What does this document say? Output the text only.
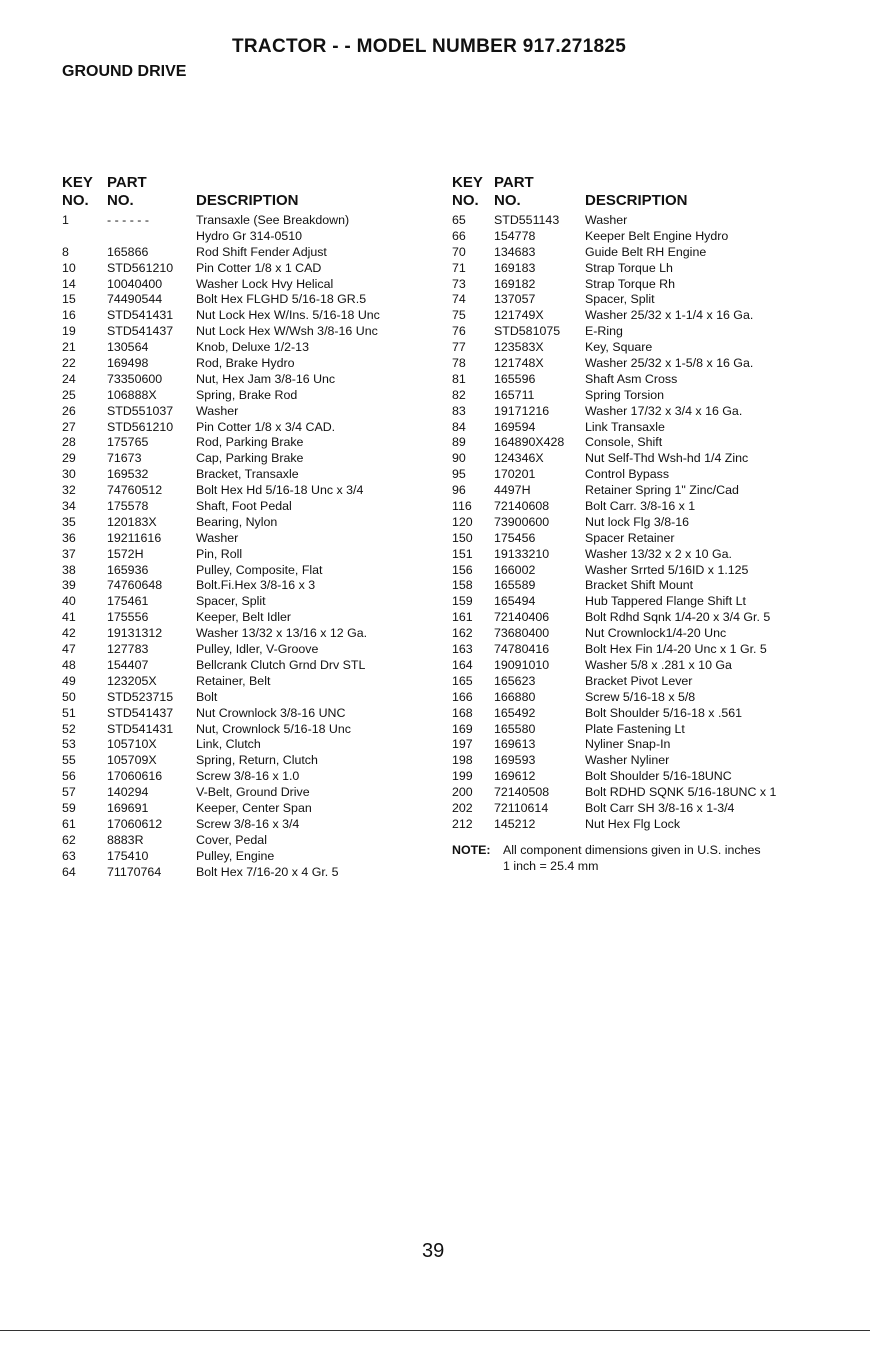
TRACTOR - - MODEL NUMBER 917.271825
GROUND DRIVE
KEY
NO.
PART
NO.	DESCRIPTION
1	- - - - - -	Transaxle (See Breakdown)
Hydro Gr 314-0510
8	165866	Rod Shift Fender Adjust
10	STD561210 Pin Cotter 1/8 x 1 CAD
14	10040400	Washer Lock Hvy Helical
15	74490544	Bolt Hex FLGHD 5/16-18 GR.5
16	STD541431 Nut Lock Hex W/Ins. 5/16-18 Unc
19	STD541437 Nut Lock Hex W/Wsh 3/8-16 Unc
21	130564	Knob, Deluxe 1/2-13
22	169498	Rod, Brake Hydro
24	73350600	Nut, Hex Jam 3/8-16 Unc
25	106888X	Spring, Brake Rod
26	STD551037 Washer
27	STD561210 Pin Cotter 1/8 x 3/4 CAD.
28	175765	Rod, Parking Brake
29	71673	Cap, Parking Brake
30	169532	Bracket, Transaxle
32	74760512	Bolt Hex Hd 5/16-18 Unc x 3/4
34	175578	Shaft, Foot Pedal
35	120183X	Bearing, Nylon
36	19211616	Washer
37	1572H	Pin, Roll
38	165936	Pulley, Composite, Flat
39	74760648	Bolt.Fi.Hex 3/8-16 x 3
40	175461	Spacer, Split
41	175556	Keeper, Belt Idler
42	19131312	Washer 13/32 x 13/16 x 12 Ga.
47	127783	Pulley, Idler, V-Groove
48	154407	Bellcrank Clutch Grnd Drv STL
49	123205X	Retainer, Belt
50	STD523715 Bolt
51	STD541437 Nut Crownlock 3/8-16 UNC
52	STD541431 Nut, Crownlock 5/16-18 Unc
53	105710X	Link, Clutch
55	105709X	Spring, Return, Clutch
56	17060616	Screw 3/8-16 x 1.0
57	140294	V-Belt, Ground Drive
59	169691	Keeper, Center Span
61	17060612	Screw 3/8-16 x 3/4
62	8883R	Cover, Pedal
63	175410	Pulley, Engine
64	71170764	Bolt Hex 7/16-20 x 4 Gr. 5
KEY
NO.
PART
NO.	DESCRIPTION
65 STD551143 Washer
66 154778	Keeper Belt Engine Hydro
70 134683	Guide Belt RH Engine
71 169183	Strap Torque Lh
73 169182	Strap Torque Rh
74 137057	Spacer, Split
75 121749X	Washer 25/32 x 1-1/4 x 16 Ga.
76 STD581075 E-Ring
77 123583X	Key, Square
78 121748X	Washer 25/32 x 1-5/8 x 16 Ga.
81 165596	Shaft Asm Cross
82 165711	Spring Torsion
83 19171216	Washer 17/32 x 3/4 x 16 Ga.
84 169594	Link Transaxle
89 164890X428 Console, Shift
90 124346X	Nut Self-Thd Wsh-hd 1/4 Zinc
95 170201	Control Bypass
96 4497H	Retainer Spring 1" Zinc/Cad
116 72140608	Bolt Carr. 3/8-16 x 1
120 73900600	Nut lock Flg 3/8-16
150 175456	Spacer Retainer
151 19133210	Washer 13/32 x 2 x 10 Ga.
156 166002	Washer Srrted 5/16ID x 1.125
158 165589	Bracket Shift Mount
159 165494	Hub Tappered Flange Shift Lt
161 72140406	Bolt Rdhd Sqnk 1/4-20 x 3/4 Gr. 5
162 73680400	Nut Crownlock1/4-20 Unc
163 74780416	Bolt Hex Fin 1/4-20 Unc x 1 Gr. 5
164 19091010	Washer 5/8 x .281 x 10 Ga
165 165623	Bracket Pivot Lever
166 166880	Screw 5/16-18 x 5/8
168 165492	Bolt Shoulder 5/16-18 x .561
169 165580	Plate Fastening Lt
197 169613	Nyliner Snap-In
198 169593	Washer Nyliner
199 169612	Bolt Shoulder 5/16-18UNC
200 72140508	Bolt RDHD SQNK 5/16-18UNC x 1
202 72110614	Bolt Carr SH 3/8-16 x 1-3/4
212 145212	Nut Hex Flg Lock
NOTE: All component dimensions given in U.S. inches
1 inch = 25.4 mm
39
